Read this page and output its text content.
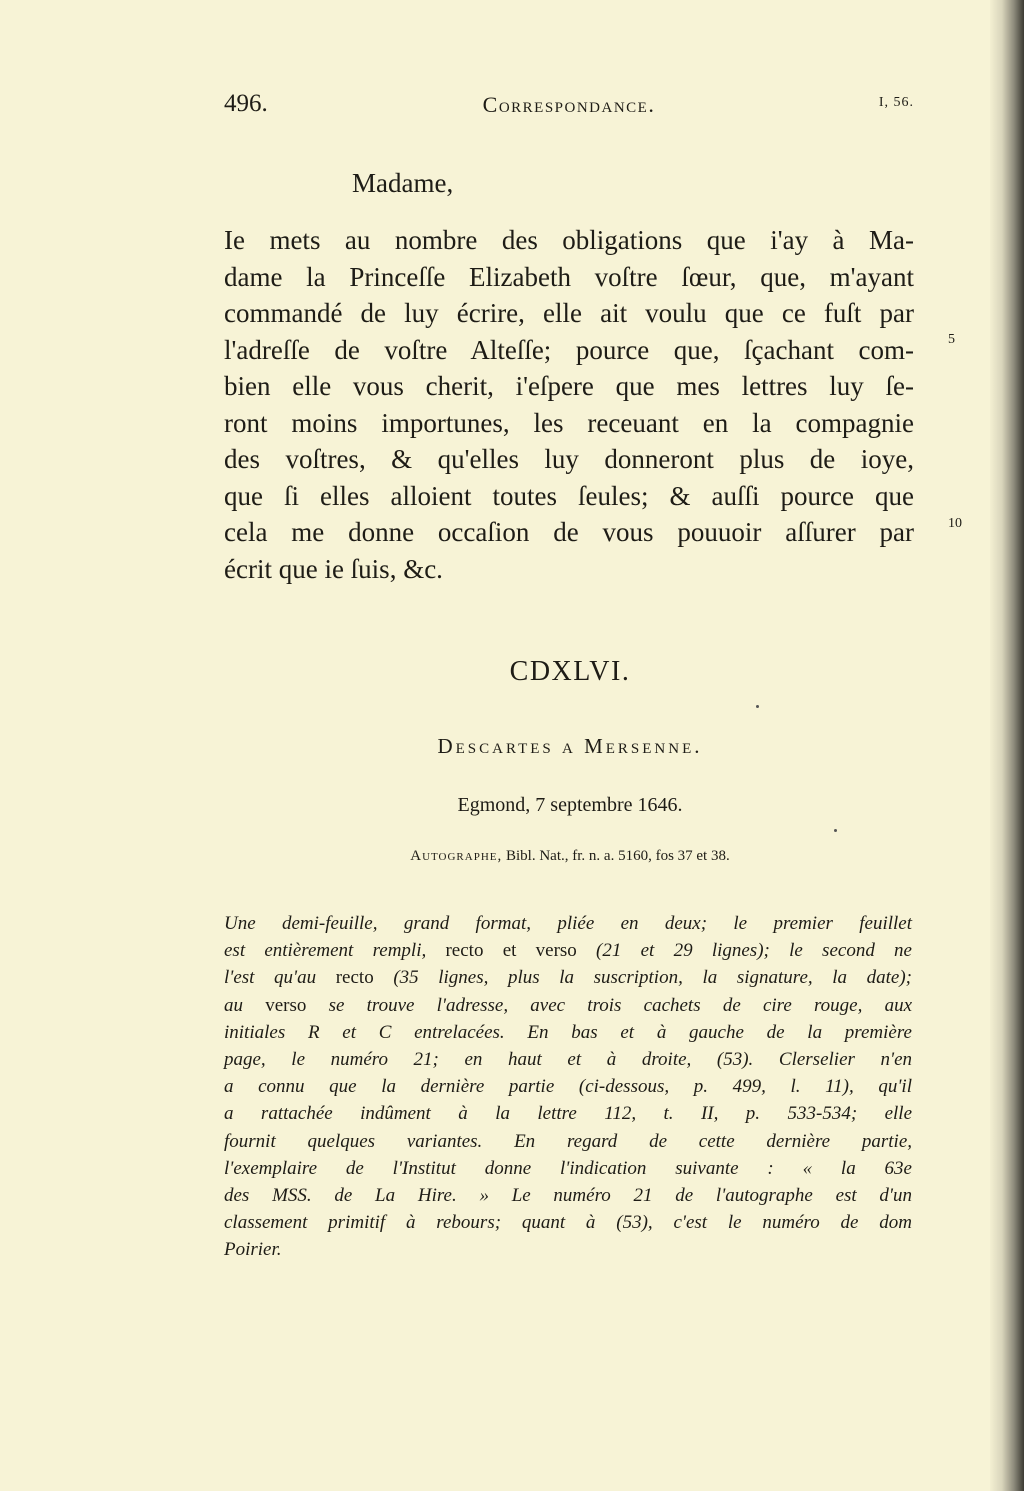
496.	Correspondance.	I, 56.
Madame,
Ie mets au nombre des obligations que i'ay à Ma-
dame la Princeſſe Elizabeth voſtre ſœur, que, m'ayant
commandé de luy écrire, elle ait voulu que ce fuſt par
l'adreſſe de voſtre Alteſſe; pource que, ſçachant com-
bien elle vous cherit, i'eſpere que mes lettres luy ſe-
ront moins importunes, les receuant en la compagnie
des voſtres, & qu'elles luy donneront plus de ioye,
que ſi elles alloient toutes ſeules; & auſſi pource que
cela me donne occaſion de vous pouuoir aſſurer par
écrit que ie ſuis, &c.
5
10
CDXLVI.
Descartes a Mersenne.
Egmond, 7 septembre 1646.
Autographe, Bibl. Nat., fr. n. a. 5160, fos 37 et 38.
Une demi-feuille, grand format, pliée en deux; le premier feuillet
est entièrement rempli, recto et verso (21 et 29 lignes); le second ne
l'est qu'au recto (35 lignes, plus la suscription, la signature, la date);
au verso se trouve l'adresse, avec trois cachets de cire rouge, aux
initiales R et C entrelacées. En bas et à gauche de la première
page, le numéro 21; en haut et à droite, (53). Clerselier n'en
a connu que la dernière partie (ci-dessous, p. 499, l. 11), qu'il
a rattachée indûment à la lettre 112, t. II, p. 533-534; elle
fournit quelques variantes. En regard de cette dernière partie,
l'exemplaire de l'Institut donne l'indication suivante : « la 63e
des MSS. de La Hire. » Le numéro 21 de l'autographe est d'un
classement primitif à rebours; quant à (53), c'est le numéro de dom
Poirier.
